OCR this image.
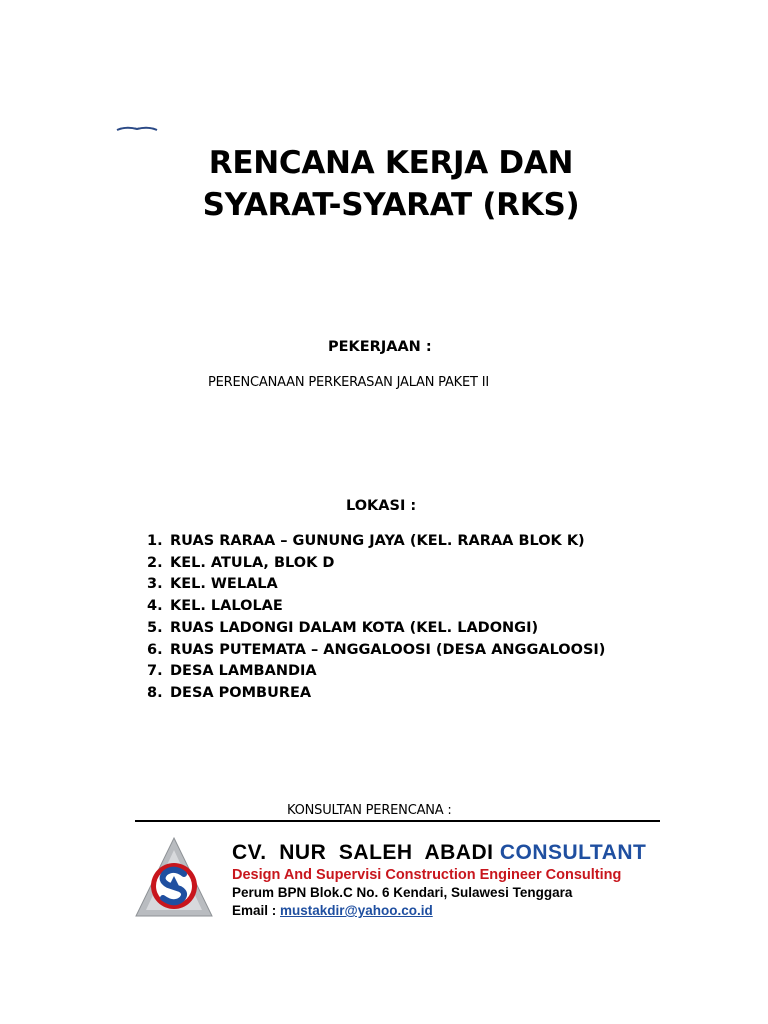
RENCANA KERJA DAN
SYARAT-SYARAT (RKS)
PEKERJAAN :
PERENCANAAN PERKERASAN JALAN PAKET II
LOKASI :
1. RUAS RARAA – GUNUNG JAYA (KEL. RARAA BLOK K)
2. KEL. ATULA, BLOK D
3. KEL. WELALA
4. KEL. LALOLAE
5. RUAS LADONGI DALAM KOTA (KEL. LADONGI)
6. RUAS PUTEMATA – ANGGALOOSI (DESA ANGGALOOSI)
7. DESA LAMBANDIA
8. DESA POMBUREA
KONSULTAN PERENCANA :
CV.  NUR  SALEH  ABADI CONSULTANT
Design And Supervisi Construction Engineer Consulting
Perum BPN Blok.C No. 6 Kendari, Sulawesi Tenggara
Email : mustakdir@yahoo.co.id
